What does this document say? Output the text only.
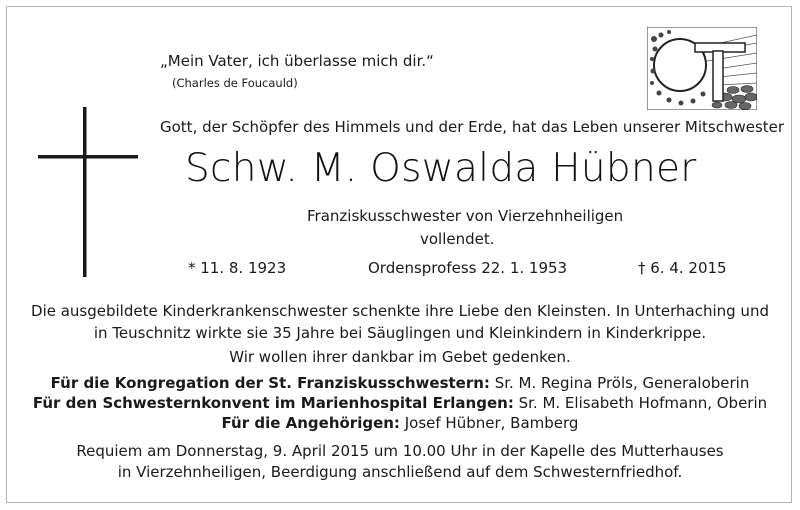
„Mein Vater, ich überlasse mich dir.“
(Charles de Foucauld)
Gott, der Schöpfer des Himmels und der Erde, hat das Leben unserer Mitschwester
Schw. M. Oswalda Hübner
Franziskusschwester von Vierzehnheiligen
vollendet.
* 11. 8. 1923	Ordensprofess 22. 1. 1953	† 6. 4. 2015
Die ausgebildete Kinderkrankenschwester schenkte ihre Liebe den Kleinsten. In Unterhaching und
in Teuschnitz wirkte sie 35 Jahre bei Säuglingen und Kleinkindern in Kinderkrippe.
Wir wollen ihrer dankbar im Gebet gedenken.
Für die Kongregation der St. Franziskusschwestern: Sr. M. Regina Pröls, Generaloberin
Für den Schwesternkonvent im Marienhospital Erlangen: Sr. M. Elisabeth Hofmann, Oberin
Für die Angehörigen: Josef Hübner, Bamberg
Requiem am Donnerstag, 9. April 2015 um 10.00 Uhr in der Kapelle des Mutterhauses
in Vierzehnheiligen, Beerdigung anschließend auf dem Schwesternfriedhof.
